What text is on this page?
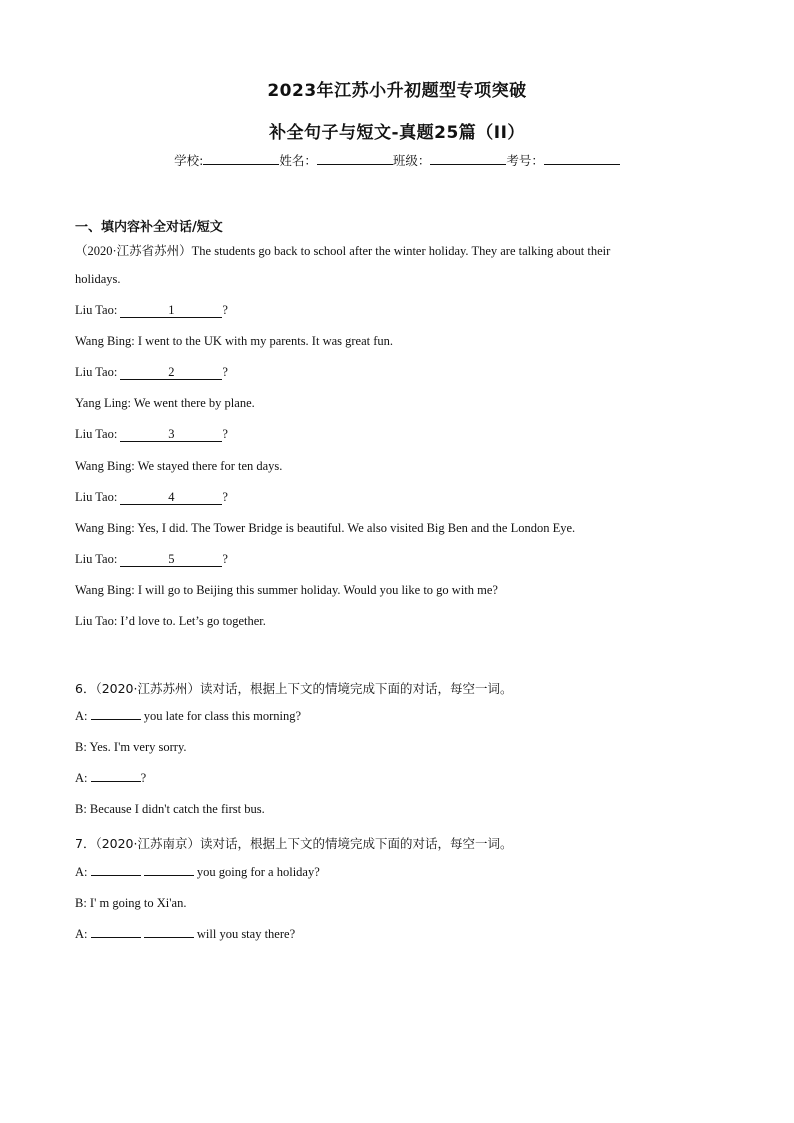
2023年江苏小升初题型专项突破
补全句子与短文-真题25篇（II）
学校:	姓名：	班级：	考号：
一、填内容补全对话/短文
（2020·江苏省苏州）The students go back to school after the winter holiday. They are talking about their
holidays.
Liu Tao:	1	?
Wang Bing: I went to the UK with my parents. It was great fun.
Liu Tao:	2	?
Yang Ling: We went there by plane.
Liu Tao:	3	?
Wang Bing: We stayed there for ten days.
Liu Tao:	4	?
Wang Bing: Yes, I did. The Tower Bridge is beautiful. We also visited Big Ben and the London Eye.
Liu Tao:	5	?
Wang Bing: I will go to Beijing this summer holiday. Would you like to go with me?
Liu Tao: I’d love to. Let’s go together.
6．（2020·江苏苏州）读对话，根据上下文的情境完成下面的对话，每空一词。
A:	you late for class this morning?
B: Yes. I'm very sorry.
A:	?
B: Because I didn't catch the first bus.
7．（2020·江苏南京）读对话，根据上下文的情境完成下面的对话，每空一词。
A:	you going for a holiday?
B: I' m going to Xi'an.
A:	will you stay there?
